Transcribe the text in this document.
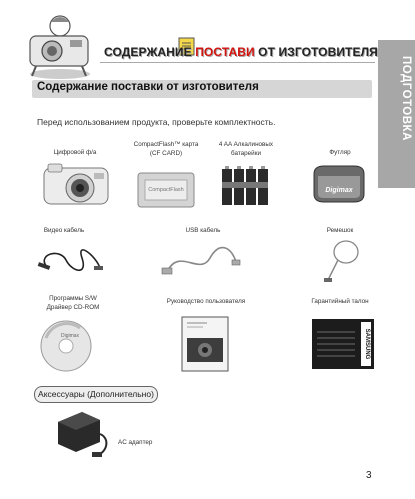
СОДЕРЖАНИЕ ПОСТАВИ ОТ ИЗГОТОВИТЕЛЯ
ПОДГОТОВКА
Содержание поставки от изготовителя
Перед использованием продукта, проверьте комплектность.
Цифровой ф/а
CompactFlash™ карта
(CF CARD)
4 AA Алкалиновых
батарейки	Футляр
CompactFlash	Digimax
Видео кабель	USB кабель	Ремешок
Программы S/W
Драйвер CD-ROM
Руководство пользователя	Гарантийный талон
Digimax	SAMSUNG
Аксессуары (Дополнительно)
AC адаптер
3
